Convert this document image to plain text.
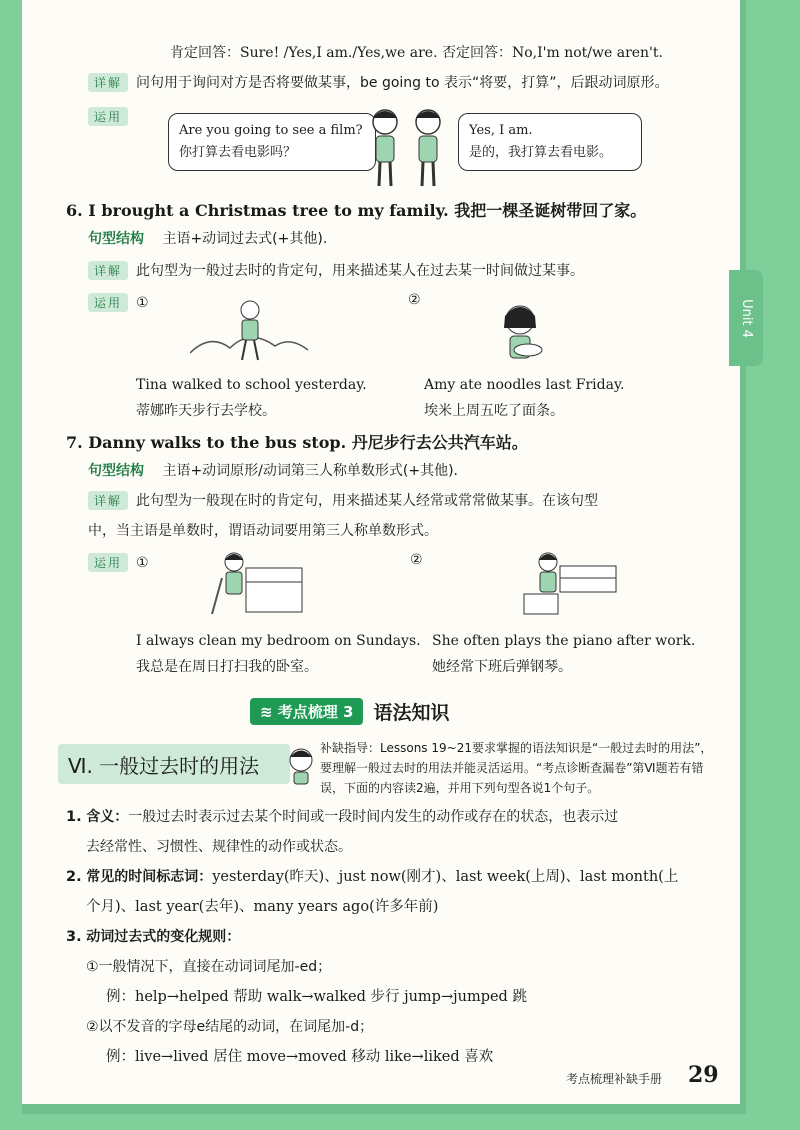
Unit 4
肯定回答：Sure! /Yes,I am./Yes,we are. 否定回答：No,I'm not/we aren't.
详解 问句用于询问对方是否将要做某事，be going to 表示“将要，打算”，后跟动词原形。
运用
Are you going to see a film?
你打算去看电影吗？
Yes, I am.
是的，我打算去看电影。
6. I brought a Christmas tree to my family. 我把一棵圣诞树带回了家。
句型结构 主语+动词过去式(+其他).
详解 此句型为一般过去时的肯定句，用来描述某人在过去某一时间做过某事。
运用 ①	②
Tina walked to school yesterday.
蒂娜昨天步行去学校。
Amy ate noodles last Friday.
埃米上周五吃了面条。
7. Danny walks to the bus stop. 丹尼步行去公共汽车站。
句型结构 主语+动词原形/动词第三人称单数形式(+其他).
详解 此句型为一般现在时的肯定句，用来描述某人经常或常常做某事。在该句型
中，当主语是单数时，谓语动词要用第三人称单数形式。
运用 ①	②
I always clean my bedroom on Sundays.
我总是在周日打扫我的卧室。
She often plays the piano after work.
她经常下班后弹钢琴。
≋ 考点梳理 3	语法知识
Ⅵ. 一般过去时的用法
补缺指导：Lessons 19~21要求掌握的语法知识是“一般过去时的用法”，要理解一般过去时的用法并能灵活运用。“考点诊断查漏卷”第Ⅵ题若有错误，下面的内容读2遍，并用下列句型各说1个句子。
1. 含义：一般过去时表示过去某个时间或一段时间内发生的动作或存在的状态，也表示过
去经常性、习惯性、规律性的动作或状态。
2. 常见的时间标志词：yesterday(昨天)、just now(刚才)、last week(上周)、last month(上
个月)、last year(去年)、many years ago(许多年前)
3. 动词过去式的变化规则：
①一般情况下，直接在动词词尾加-ed；
例：help→helped 帮助 walk→walked 步行 jump→jumped 跳
②以不发音的字母e结尾的动词，在词尾加-d；
例：live→lived 居住 move→moved 移动 like→liked 喜欢
考点梳理补缺手册 29
